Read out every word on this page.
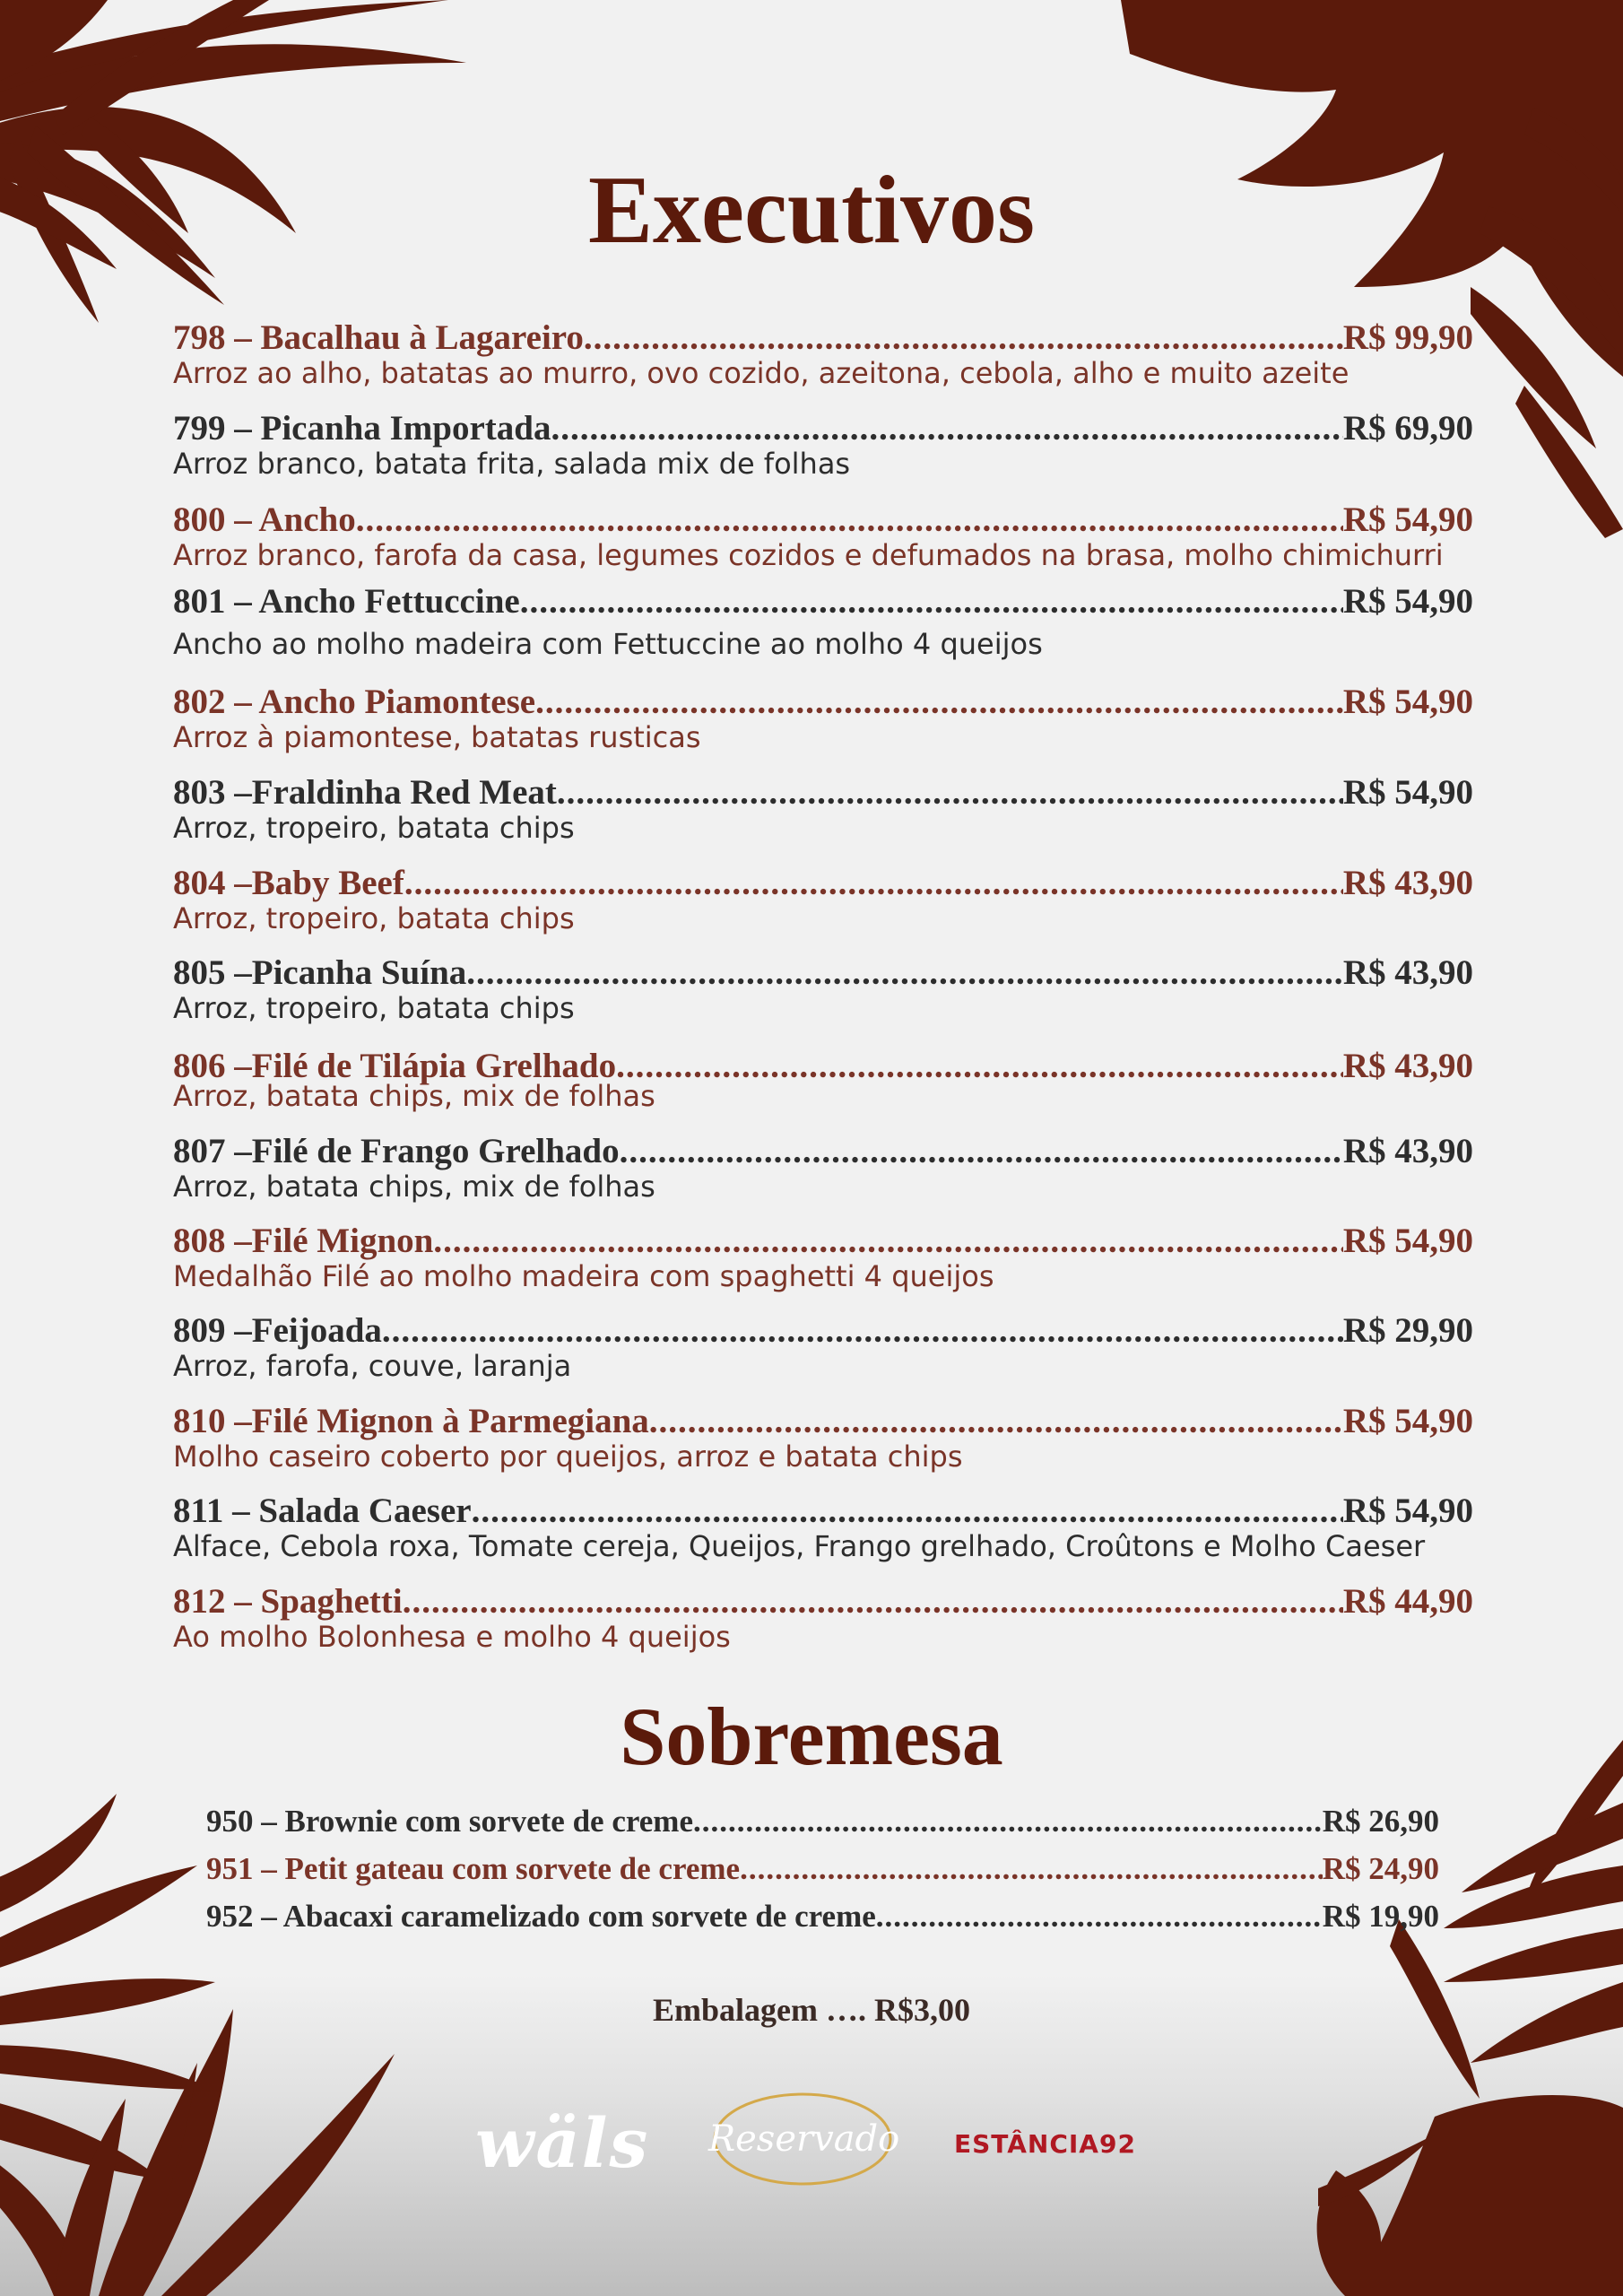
Executivos
798 – Bacalhau à Lagareiro .....	R$ 99,90
Arroz ao alho, batatas ao murro, ovo cozido, azeitona, cebola, alho e muito azeite
799 – Picanha Importada .....	R$ 69,90
Arroz branco, batata frita, salada mix de folhas
800 – Ancho .....	R$ 54,90
Arroz branco, farofa da casa, legumes cozidos e defumados na brasa, molho chimichurri
801 – Ancho Fettuccine .....	R$ 54,90
Ancho ao molho madeira com Fettuccine ao molho 4 queijos
802 – Ancho Piamontese .....	R$ 54,90
Arroz à piamontese, batatas rusticas
803 –Fraldinha Red Meat .....	R$ 54,90
Arroz, tropeiro, batata chips
804 –Baby Beef .....	R$ 43,90
Arroz, tropeiro, batata chips
805 –Picanha Suína .....	R$ 43,90
Arroz, tropeiro, batata chips
806 –Filé de Tilápia Grelhado .....	R$ 43,90
Arroz, batata chips, mix de folhas
807 –Filé de Frango Grelhado .....	R$ 43,90
Arroz, batata chips, mix de folhas
808 –Filé Mignon .....	R$ 54,90
Medalhão Filé ao molho madeira com spaghetti 4 queijos
809 –Feijoada .....	R$ 29,90
Arroz, farofa, couve, laranja
810 –Filé Mignon à Parmegiana .....	R$ 54,90
Molho caseiro coberto por queijos, arroz e batata chips
811 – Salada Caeser .....	R$ 54,90
Alface, Cebola roxa, Tomate cereja, Queijos, Frango grelhado, Croûtons e Molho Caeser
812 – Spaghetti .....	R$ 44,90
Ao molho Bolonhesa e molho 4 queijos
Sobremesa
950 – Brownie com sorvete de creme .....	R$ 26,90
951 – Petit gateau com sorvete de creme .....	R$ 24,90
952 – Abacaxi caramelizado com sorvete de creme .....	R$ 19,90
Embalagem …. R$3,00
wäls Reservado ESTÂNCIA92
